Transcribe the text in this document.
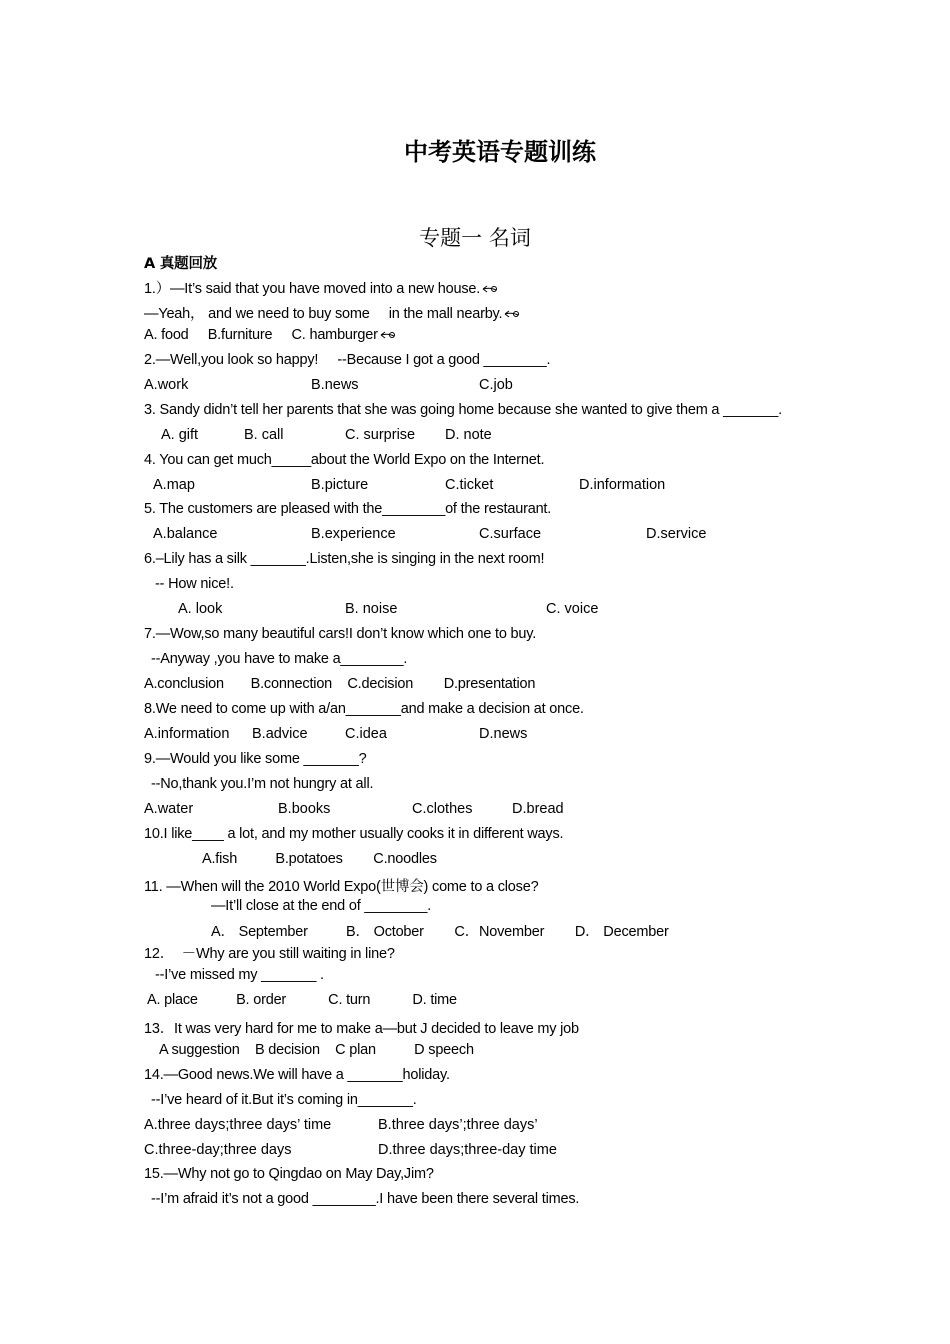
中考英语专题训练
专题一 名词
A 真题回放
1.）—It’s said that you have moved into a new house.
—Yeah， and we need to buy some     in the mall nearby.
A. food     B.furniture     C. hamburger
2.—Well,you look so happy!     --Because I got a good ________.
A.work	B.news	C.job
3. Sandy didn’t tell her parents that she was going home because she wanted to give them a _______.
A. gift	B. call	C. surprise D. note
4. You can get much_____about the World Expo on the Internet.
A.map	B.picture	C.ticket	D.information
5. The customers are pleased with the________of the restaurant.
A.balance	B.experience	C.surface	D.service
6.–Lily has a silk _______.Listen,she is singing in the next room!
-- How nice!.
A. look	B. noise	C. voice
7.—Wow,so many beautiful cars!I don’t know which one to buy.
--Anyway ,you have to make a________.
A.conclusion       B.connection    C.decision        D.presentation
8.We need to come up with a/an_______and make a decision at once.
A.information B.advice	C.idea	D.news
9.—Would you like some _______?
--No,thank you.I’m not hungry at all.
A.water	B.books	C.clothes	D.bread
10.I like____ a lot, and my mother usually cooks it in different ways.
A.fish          B.potatoes        C.noodles
11. —When will the 2010 World Expo(世博会) come to a close?
—It’ll close at the end of ________.
A． September          B． October        C．November        D． December
12．  －Why are you still waiting in line?
--I’ve missed my _______ .
A. place          B. order           C. turn           D. time
13．It was very hard for me to make a—but J decided to leave my job
A suggestion    B decision    C plan          D speech
14.—Good news.We will have a _______holiday.
--I’ve heard of it.But it’s coming in_______.
A.three days;three days’ time	B.three days’;three days’
C.three-day;three days	D.three days;three-day time
15.—Why not go to Qingdao on May Day,Jim?
--I’m afraid it’s not a good ________.I have been there several times.
